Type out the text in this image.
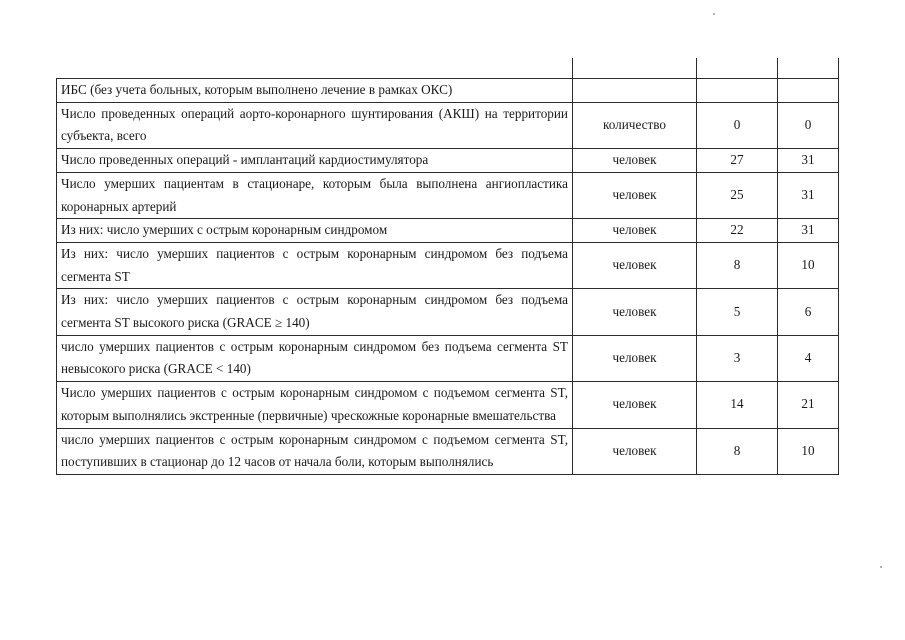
ИБС (без учета больных, которым выполнено лечение в рамках ОКС)			
Число проведенных операций аорто-коронарного шунтирования (АКШ) на территории субъекта, всего	количество	0	0
Число проведенных операций - имплантаций кардиостимулятора	человек	27	31
Число умерших пациентам в стационаре, которым была выполнена ангиопластика коронарных артерий	человек	25	31
Из них: число умерших с острым коронарным синдромом	человек	22	31
Из них: число умерших пациентов с острым коронарным синдромом без подъема сегмента ST	человек	8	10
Из них: число умерших пациентов с острым коронарным синдромом без подъема сегмента ST высокого риска (GRACE ≥ 140)	человек	5	6
число умерших пациентов с острым коронарным синдромом без подъема сегмента ST невысокого риска (GRACE < 140)	человек	3	4
Число умерших пациентов с острым коронарным синдромом с подъемом сегмента ST, которым выполнялись экстренные (первичные) чрескожные коронарные вмешательства	человек	14	21
число умерших пациентов с острым коронарным синдромом с подъемом сегмента ST, поступивших в стационар до 12 часов от начала боли, которым выполнялись	человек	8	10
